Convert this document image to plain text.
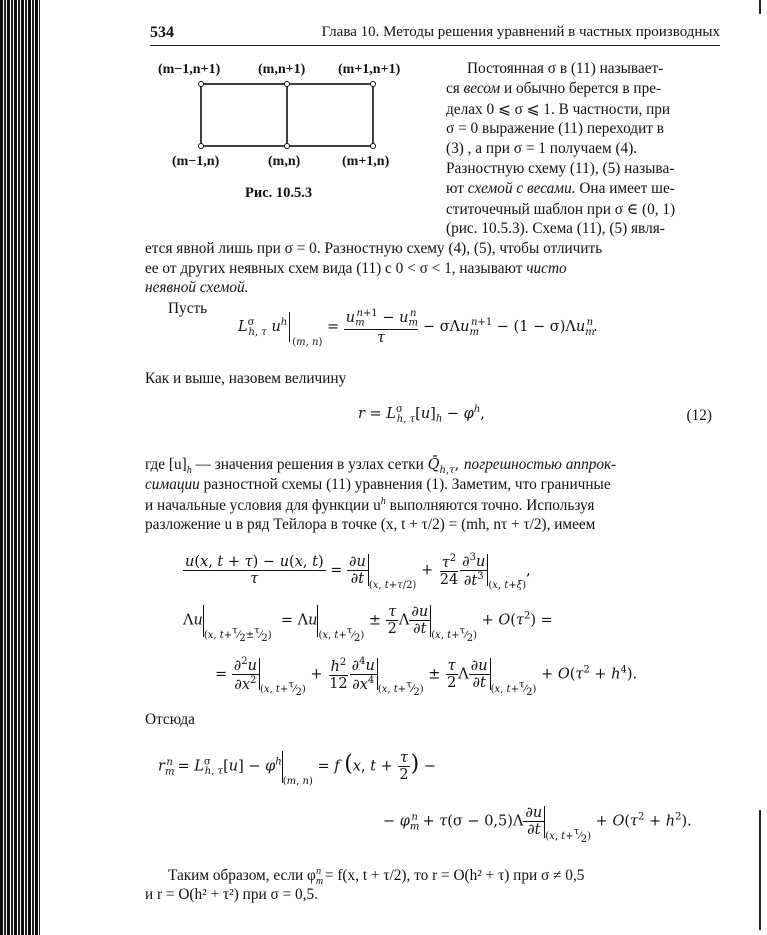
534	Глава 10. Методы решения уравнений в частных производных
(m−1,n+1)	(m,n+1) (m+1,n+1)
(m−1,n)	(m,n)	(m+1,n)
Рис. 10.5.3
Постоянная σ в (11) называет-
ся весом и обычно берется в пре-
делах 0 ⩽ σ ⩽ 1. В частности, при
σ = 0 выражение (11) переходит в
(3) , а при σ = 1 получаем (4).
Разностную схему (11), (5) называ-
ют схемой с весами. Она имеет ше-
ститочечный шаблон при σ ∈ (0, 1)
(рис. 10.5.3). Схема (11), (5) явля-
ется явной лишь при σ = 0. Разностную схему (4), (5), чтобы отличить
ее от других неявных схем вида (11) с 0 < σ < 1, называют чисто
неявной схемой.
Пусть
$L^\sigma_{h, \tau}$ $u^h_{(m, n)} = \frac{u_m^{n+1} - u_m^n}{\tau} - \sigma\Lambda u_m^{n+1} - (1 - \sigma)\Lambda u_m^n$.
Как и выше, назовем величину
$r = L^\sigma_{h, \tau}[u]_h - \varphi^h$,	(12)
где $[u]_h$ — значения решения в узлах сетки $Q̄_{h,\tau}$, погрешностью аппрок-
симации разностной схемы (11) уравнения (1). Заметим, что граничные
и начальные условия для функции $u^h$ выполняются точно. Используя
разложение u в ряд Тейлора в точке (x, t + τ/2) = (mh, nτ + τ/2), имеем
$\frac{u(x, t + \tau) - u(x, t)}{\tau} = \frac{\partial u}{\partial t} _{(x, t+\tau/2)} + \frac{\tau^2}{24} \frac{\partial^3u}{\partial t^3} _{(x, t+\xi)}$,
$\Lambda u_{(x, t+^\tau⁄_2\pm^\tau⁄_2)} = \Lambda u_{(x, t+^\tau⁄_2)} \pm \frac{\tau}{2}$ Λ $\frac{\partial u}{\partial t} _{(x, t+^\tau⁄_2)} + O(\tau^2)$ =
= $\frac{\partial^2u}{\partial x^2} _{(x, t+^\tau⁄_2)} + \frac{h^2}{12} \frac{\partial^4u}{\partial x^4} _{(x, t+^\tau⁄_2)} \pm \frac{\tau}{2}$ Λ $\frac{\partial u}{\partial t} _{(x, t+^\tau⁄_2)} + O(\tau^2 + h^4)$.
Отсюда
$r_m^n = L^\sigma_{h, \tau}[u] - \varphi^h_{(m, n)} = f$ (x, $t + \frac{\tau}{2}$ ) −
− $\varphi_m^n + \tau(\sigma - 0,5)\Lambda \frac{\partial u}{\partial t} _{(x, t+^\tau⁄_2)} + O(\tau^2 + h^2)$.
Таким образом, если $\varphi_m^n = f(x$, t + τ/2), то r = O(h² + τ) при σ ≠ 0,5
и r = O(h² + τ²) при σ = 0,5.
